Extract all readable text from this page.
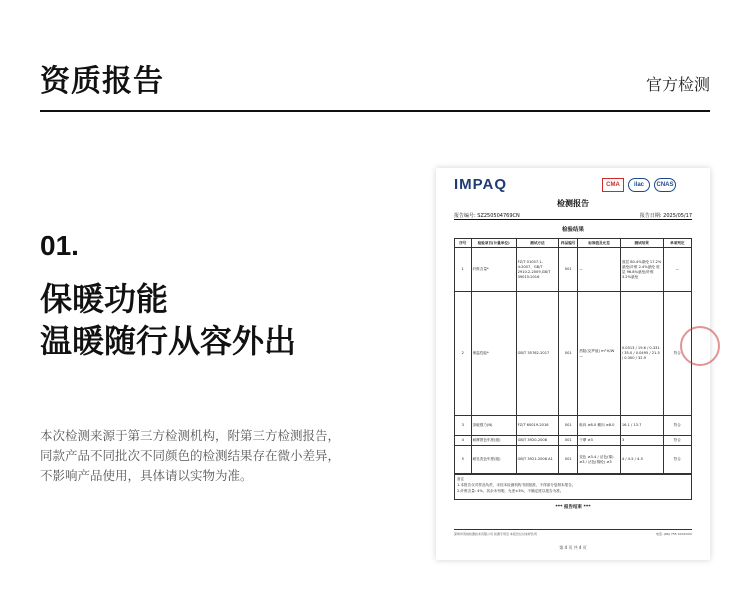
资质报告	官方检测
01.
保暖功能
温暖随行从容外出
本次检测来源于第三方检测机构，附第三方检测报告，
同款产品不同批次不同颜色的检测结果存在微小差异，
不影响产品使用，具体请以实物为准。
IMPAQ	CMA	ilac	CNAS
检测报告
报告编号: SZ250504769CN	报告日期: 2025/05/17
检验结果
序号	检验项目(计量单位)	测试方法	样品编号	标准值及允差	测试结果	单项判定
1	纤维含量*	FZ/T 01057.1-4:2007、GB/T 2910.2-2009,GB/T 39015:2016	001	—	面层 80.4%涤纶 17.2%氨纶/纤维 2.4%氨纶 底层 96.8%氨纶/纤维 3.2%氨纶	—
2	保温性能*	GB/T 35762-2017	001	热阻(克罗值) m²·K/W —	0.0513 / 19.6 / 0.331 / 35.0 / 0.0495 / 21.5 / 0.300 / 32.9	符合
3	顶破强力(N)	FZ/T 60019-2016	001	纵向 ≥8.0 横向 ≥8.0	16.1 / 13.7	符合
4	耐摩擦色牢度(级)	GB/T 3920-2008	001	干摩 ≥3	3	符合
5	耐皂洗色牢度(级)	GB/T 3921-2008 A1	001	变色 ≥3-4 / 沾色(棉) ≥3 / 沾色(锦纶) ≥3	4 / 4-5 / 4-5	符合
备注
1.本报告仅对样品负责，未经本检测机构书面批准，不得部分复制本报告。
2.纤维含量: 4%，其余未列明，允差±3%，不确定度以报告为准。
*** 报告结束 ***
深圳市英柏检测技术有限公司 检测专用章 本报告仅对来样负责	电话: (86) 755 XXXXXXX
第 4 页 共 4 页
